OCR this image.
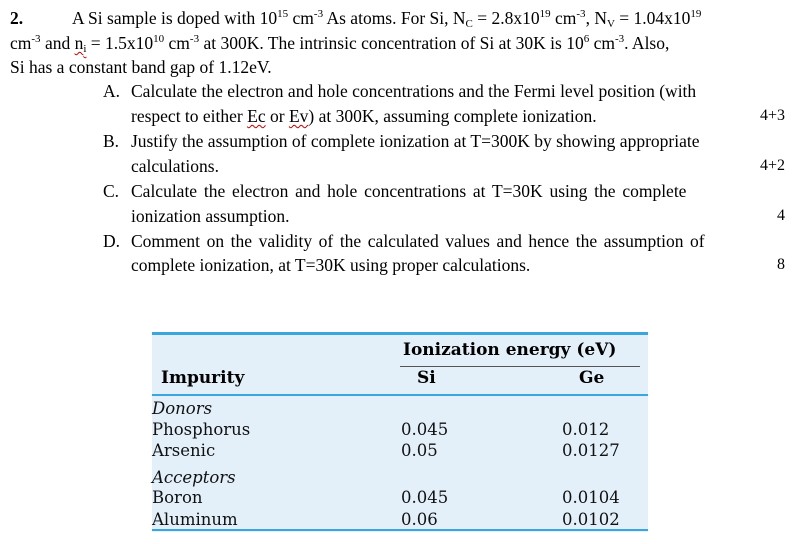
2.	A Si sample is doped with $10^{15}$ $cm^{-3}$ As atoms. For Si, $N_C = 2.8x10^{19}$ $cm^{-3}$, $N_V = 1.04x10^{19}$
$cm^{-3}$ and $n_i = 1.5x10^{10}$ $cm^{-3}$ at 300K. The intrinsic concentration of Si at 30K is $10^6$ $cm^{-3}$. Also,
Si has a constant band gap of 1.12eV.
A. Calculate the electron and hole concentrations and the Fermi level position (with
respect to either Ec or Ev) at 300K, assuming complete ionization.	4+3
B. Justify the assumption of complete ionization at T=300K by showing appropriate
calculations.	4+2
C. Calculate the electron and hole concentrations at T=30K using the complete
ionization assumption.	4
D. Comment on the validity of the calculated values and hence the assumption of
complete ionization, at T=30K using proper calculations.	8
Ionization energy (eV)
Impurity	Si	Ge
Donors
Phosphorus	0.045	0.012
Arsenic	0.05	0.0127
Acceptors
Boron	0.045	0.0104
Aluminum	0.06	0.0102
